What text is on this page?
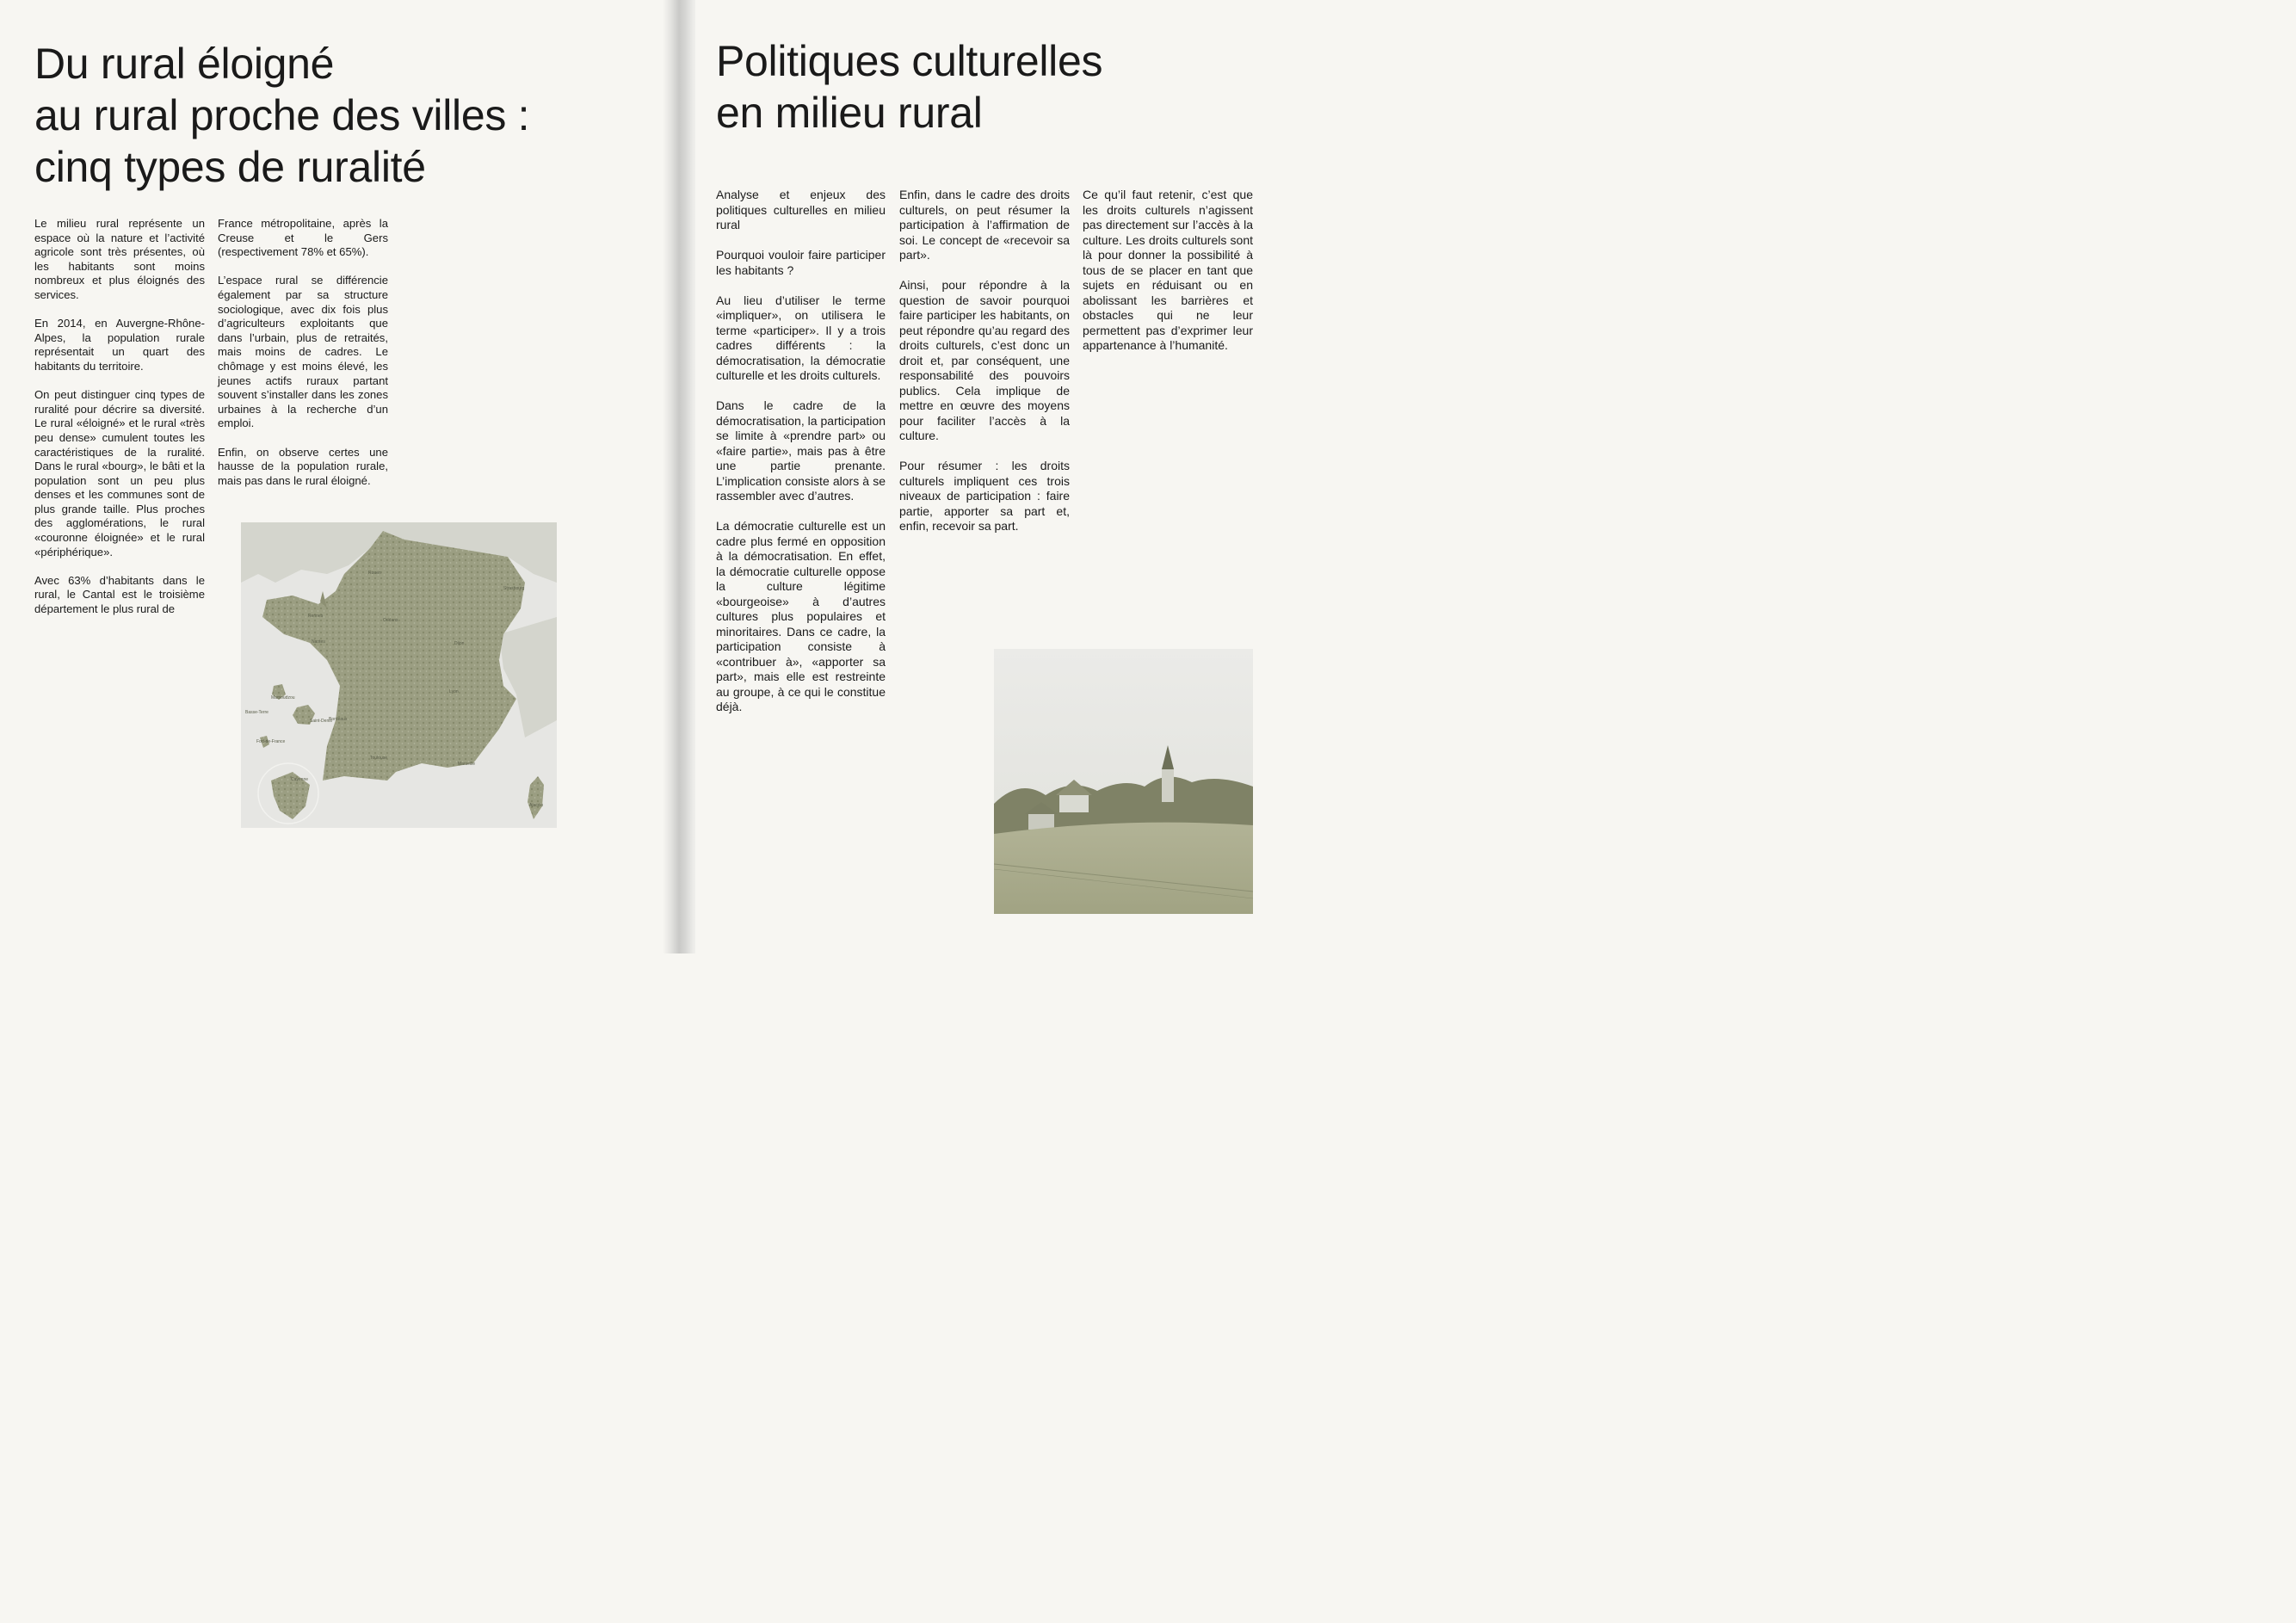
Du rural éloigné
au rural proche des villes :
cinq types de ruralité

Le milieu rural représente un espace où la nature et l’activité agricole sont très présentes, où les habitants sont moins nombreux et plus éloignés des services.

En 2014, en Auvergne-Rhône-Alpes, la population rurale représentait un quart des habitants du territoire.

On peut distinguer cinq types de ruralité pour décrire sa diversité. Le rural «éloigné» et le rural «très peu dense» cumulent toutes les caractéristiques de la ruralité. Dans le rural «bourg», le bâti et la population sont un peu plus denses et les communes sont de plus grande taille. Plus proches des agglomérations, le rural «couronne éloignée» et le rural «périphérique».

Avec 63% d’habitants dans le rural, le Cantal est le troisième département le plus rural de

France métropolitaine, après la Creuse et le Gers (respectivement 78% et 65%).

L’espace rural se différencie également par sa structure sociologique, avec dix fois plus d’agriculteurs exploitants que dans l’urbain, plus de retraités, mais moins de cadres. Le chômage y est moins élevé, les jeunes actifs ruraux partant souvent s’installer dans les zones urbaines à la recherche d’un emploi.

Enfin, on observe certes une hausse de la population rurale, mais pas dans le rural éloigné.

Rouen
Strasbourg
Rennes
Orléans
Nantes	Dijon
Lyon
Bordeaux
Toulouse
Marseille
Basse-Terre
Saint-Denis
Fort-de-France
Cayenne
Mamoudzou
Ajaccio
Politiques culturelles
en milieu rural

Analyse et enjeux des politiques culturelles en milieu rural

Pourquoi vouloir faire participer les habitants ?

Au lieu d’utiliser le terme «impliquer», on utilisera le terme «participer». Il y a trois cadres différents : la démocratisation, la démocratie culturelle et les droits culturels.

Dans le cadre de la démocratisation, la participation se limite à «prendre part» ou «faire partie», mais pas à être une partie prenante. L’implication consiste alors à se rassembler avec d’autres.

La démocratie culturelle est un cadre plus fermé en opposition à la démocratisation. En effet, la démocratie culturelle oppose la culture légitime «bourgeoise» à d’autres cultures plus populaires et minoritaires. Dans ce cadre, la participation consiste à «contribuer à», «apporter sa part», mais elle est restreinte au groupe, à ce qui le constitue déjà.

Enfin, dans le cadre des droits culturels, on peut résumer la participation à l’affirmation de soi. Le concept de «recevoir sa part».

Ainsi, pour répondre à la question de savoir pourquoi faire participer les habitants, on peut répondre qu’au regard des droits culturels, c’est donc un droit et, par conséquent, une responsabilité des pouvoirs publics. Cela implique de mettre en œuvre des moyens pour faciliter l’accès à la culture.

Pour résumer : les droits culturels impliquent ces trois niveaux de participation : faire partie, apporter sa part et, enfin, recevoir sa part.

Ce qu’il faut retenir, c’est que les droits culturels n’agissent pas directement sur l’accès à la culture. Les droits culturels sont là pour donner la possibilité à tous de se placer en tant que sujets en réduisant ou en abolissant les barrières et obstacles qui ne leur permettent pas d’exprimer leur appartenance à l’humanité.
